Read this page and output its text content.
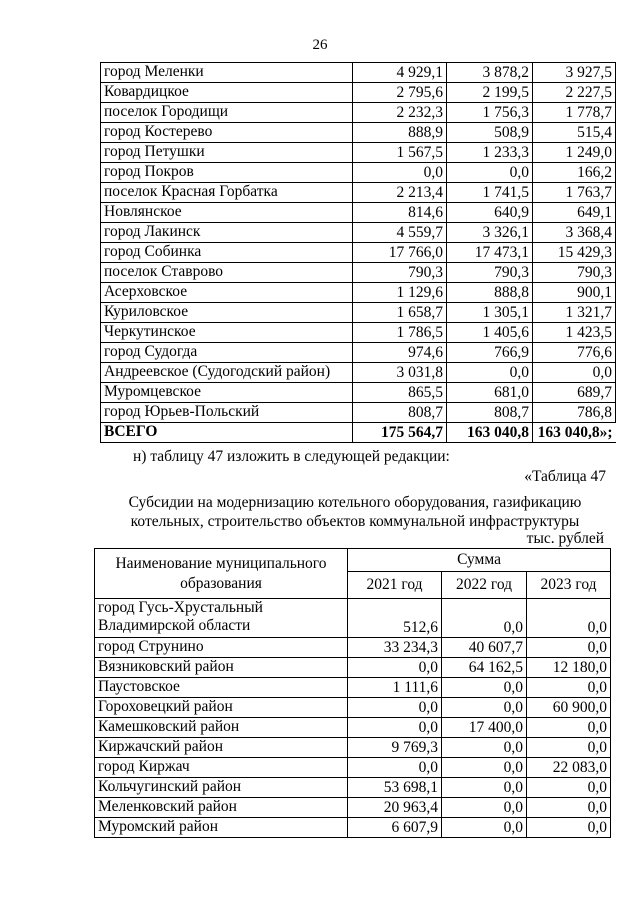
26
город Меленки	4 929,1	3 878,2	3 927,5
Ковардицкое	2 795,6	2 199,5	2 227,5
поселок Городищи	2 232,3	1 756,3	1 778,7
город Костерево	888,9	508,9	515,4
город Петушки	1 567,5	1 233,3	1 249,0
город Покров	0,0	0,0	166,2
поселок Красная Горбатка	2 213,4	1 741,5	1 763,7
Новлянское	814,6	640,9	649,1
город Лакинск	4 559,7	3 326,1	3 368,4
город Собинка	17 766,0	17 473,1	15 429,3
поселок Ставрово	790,3	790,3	790,3
Асерховское	1 129,6	888,8	900,1
Куриловское	1 658,7	1 305,1	1 321,7
Черкутинское	1 786,5	1 405,6	1 423,5
город Судогда	974,6	766,9	776,6
Андреевское (Судогодский район)	3 031,8	0,0	0,0
Муромцевское	865,5	681,0	689,7
город Юрьев-Польский	808,7	808,7	786,8
ВСЕГО	175 564,7	163 040,8	163 040,8»;
н) таблицу 47 изложить в следующей редакции:
«Таблица 47
Субсидии на модернизацию котельного оборудования, газификацию котельных, строительство объектов коммунальной инфраструктуры
тыс. рублей
Наименование муниципального образования	Сумма		
	2021 год	2022 год	2023 год
город Гусь-Хрустальный Владимирской области	512,6	0,0	0,0
город Струнино	33 234,3	40 607,7	0,0
Вязниковский район	0,0	64 162,5	12 180,0
Паустовское	1 111,6	0,0	0,0
Гороховецкий район	0,0	0,0	60 900,0
Камешковский район	0,0	17 400,0	0,0
Киржачский район	9 769,3	0,0	0,0
город Киржач	0,0	0,0	22 083,0
Кольчугинский район	53 698,1	0,0	0,0
Меленковский район	20 963,4	0,0	0,0
Муромский район	6 607,9	0,0	0,0
